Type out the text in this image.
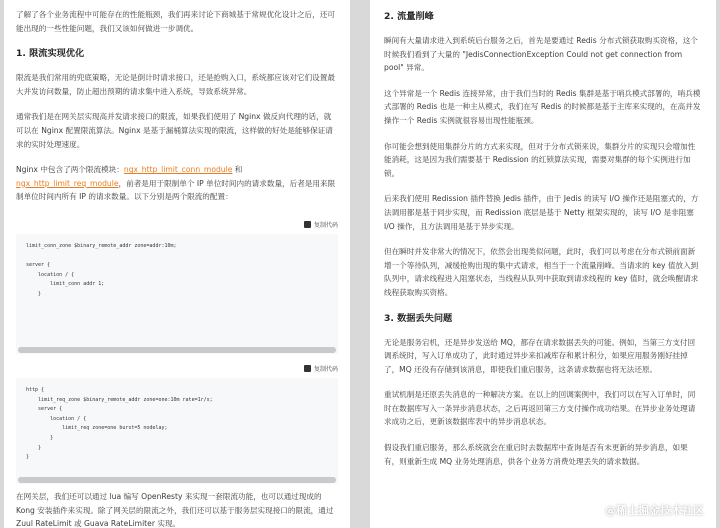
了解了各个业务流程中可能存在的性能瓶颈，我们再来讨论下商城基于常规优化设计之后，还可能出现的一些性能问题，我们又该如何做进一步调优。

1. 限流实现优化

限流是我们常用的兜底策略，无论是倒计时请求接口，还是抢购入口，系统都应该对它们设置最大并发访问数量，防止超出预期的请求集中进入系统，导致系统异常。

通常我们是在网关层实现高并发请求接口的限流，如果我们使用了 Nginx 做反向代理的话，就可以在 Nginx 配置限流算法。Nginx 是基于漏桶算法实现的限流，这样做的好处是能够保证请求的实时处理速度。

Nginx 中包含了两个限流模块：ngx_http_limit_conn_module 和 ngx_http_limit_req_module，前者是用于限制单个 IP 单位时间内的请求数量，后者是用来限制单位时间内所有 IP 的请求数量。以下分别是两个限流的配置：

复制代码
limit_conn_zone $binary_remote_addr zone=addr:10m;

server {
location / {
limit_conn addr 1;
}

复制代码
http {
limit_req_zone $binary_remote_addr zone=one:10m rate=1r/s;
server {
location / {
limit_req zone=one burst=5 nodelay;
}
}
}

在网关层，我们还可以通过 lua 编写 OpenResty 来实现一套限流功能，也可以通过现成的 Kong 安装插件来实现。除了网关层的限流之外，我们还可以基于服务层实现接口的限流，通过 Zuul RateLimit 或 Guava RateLimiter 实现。

2. 流量削峰

瞬间有大量请求进入到系统后台服务之后，首先是要通过 Redis 分布式锁获取购买资格，这个时候我们看到了大量的 "JedisConnectionException Could not get connection from pool" 异常。

这个异常是一个 Redis 连接异常，由于我们当时的 Redis 集群是基于哨兵模式部署的，哨兵模式部署的 Redis 也是一种主从模式，我们在写 Redis 的时候都是基于主库来实现的，在高并发操作一个 Redis 实例就很容易出现性能瓶颈。

你可能会想到使用集群分片的方式来实现，但对于分布式锁来说，集群分片的实现只会增加性能消耗，这是因为我们需要基于 Redission 的红锁算法实现，需要对集群的每个实例进行加锁。

后来我们使用 Redission 插件替换 Jedis 插件，由于 Jedis 的读写 I/O 操作还是阻塞式的，方法调用都是基于同步实现，而 Redission 底层是基于 Netty 框架实现的，读写 I/O 是非阻塞 I/O 操作，且方法调用是基于异步实现。

但在瞬时并发非常大的情况下，依然会出现类似问题，此时，我们可以考虑在分布式锁前面新增一个等待队列，减缓抢购出现的集中式请求，相当于一个流量削峰。当请求的 key 值放入到队列中，请求线程进入阻塞状态，当线程从队列中获取到请求线程的 key 值时，就会唤醒请求线程获取购买资格。

3. 数据丢失问题

无论是服务宕机，还是异步发送给 MQ，都存在请求数据丢失的可能。例如，当第三方支付回调系统时，写入订单成功了，此时通过异步来扣减库存和累计积分，如果应用服务刚好挂掉了，MQ 还没有存储到该消息，即使我们重启服务，这条请求数据也将无法还原。

重试机制是还原丢失消息的一种解决方案。在以上的回调案例中，我们可以在写入订单时，同时在数据库写入一条异步消息状态，之后再返回第三方支付操作成功结果。在异步业务处理请求成功之后，更新该数据库表中的异步消息状态。

假设我们重启服务，那么系统就会在重启时去数据库中查询是否有未更新的异步消息，如果有，则重新生成 MQ 业务处理消息，供各个业务方消费处理丢失的请求数据。

@稀土掘金技术社区
